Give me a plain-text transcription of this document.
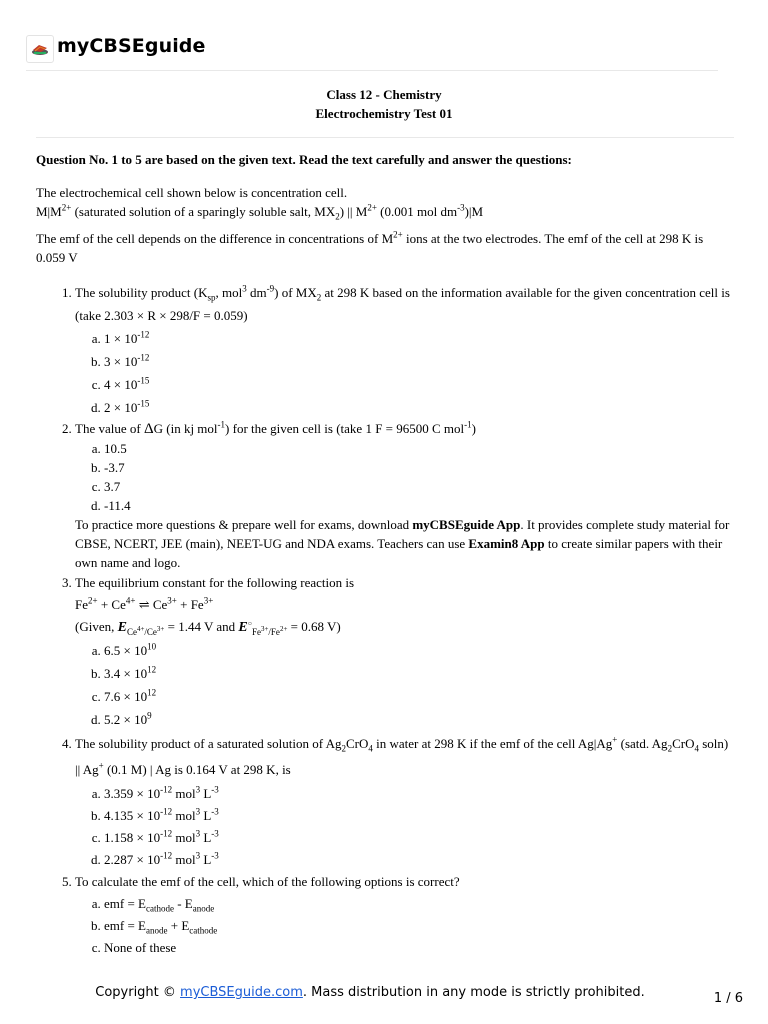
myCBSEguide
Class 12 - Chemistry
Electrochemistry Test 01

Question No. 1 to 5 are based on the given text. Read the text carefully and answer the questions:

The electrochemical cell shown below is concentration cell.

$M|M^{2+}$ (saturated solution of a sparingly soluble salt, $MX_2$) || $M^{2+}$ (0.001 mol $dm^{-3})|M$

The emf of the cell depends on the difference in concentrations of $M^{2+}$ ions at the two electrodes. The emf of the cell at 298 K is 0.059 V

1. The solubility product ($K_{sp}$, mol$^3$ $dm^{-9}$) of $MX_2$ at 298 K based on the information available for the given concentration cell is (take 2.303 × R × 298/F = 0.059)
a. $1 \times 10^{-12}$
b. $3 \times 10^{-12}$
c. $4 \times 10^{-15}$
d. $2 \times 10^{-15}$
2. The value of ΔG (in kj mol$^{-1}$) for the given cell is (take 1 F = 96500 C mol$^{-1}$)
a. 10.5
b. -3.7
c. 3.7
d. -11.4

To practice more questions & prepare well for exams, download myCBSEguide App. It provides complete study material for CBSE, NCERT, JEE (main), NEET-UG and NDA exams. Teachers can use Examin8 App to create similar papers with their own name and logo.

3. The equilibrium constant for the following reaction is
$Fe^{2+} + Ce^{4+}$ ⇌ $Ce^{3+} + Fe^{3+}$
(Given, $E_{Ce^{4+}/Ce^{3+}} = 1.44$ V and $E^○_{Fe^{3+}/Fe^{2+}} = 0.68$ V)
a. $6.5 \times 10^{10}$
b. $3.4 \times 10^{12}$
c. $7.6 \times 10^{12}$
d. $5.2 \times 10^9$
4. The solubility product of a saturated solution of $Ag_2CrO_4$ in water at 298 K if the emf of the cell Ag|Ag+ (satd. $Ag_2CrO_4$ soln) || Ag+ (0.1 M) | Ag is 0.164 V at 298 K, is
a. $3.359 \times 10^{-12}$ mol$^3$ $L^{-3}$
b. $4.135 \times 10^{-12}$ mol$^3$ $L^{-3}$
c. $1.158 \times 10^{-12}$ mol$^3$ $L^{-3}$
d. $2.287 \times 10^{-12}$ mol$^3$ $L^{-3}$
5. To calculate the emf of the cell, which of the following options is correct?
a. emf = $E_{cathode} - E_{anode}$
b. emf = $E_{anode} + E_{cathode}$
c. None of these
Copyright © myCBSEguide.com. Mass distribution in any mode is strictly prohibited.	1 / 6
